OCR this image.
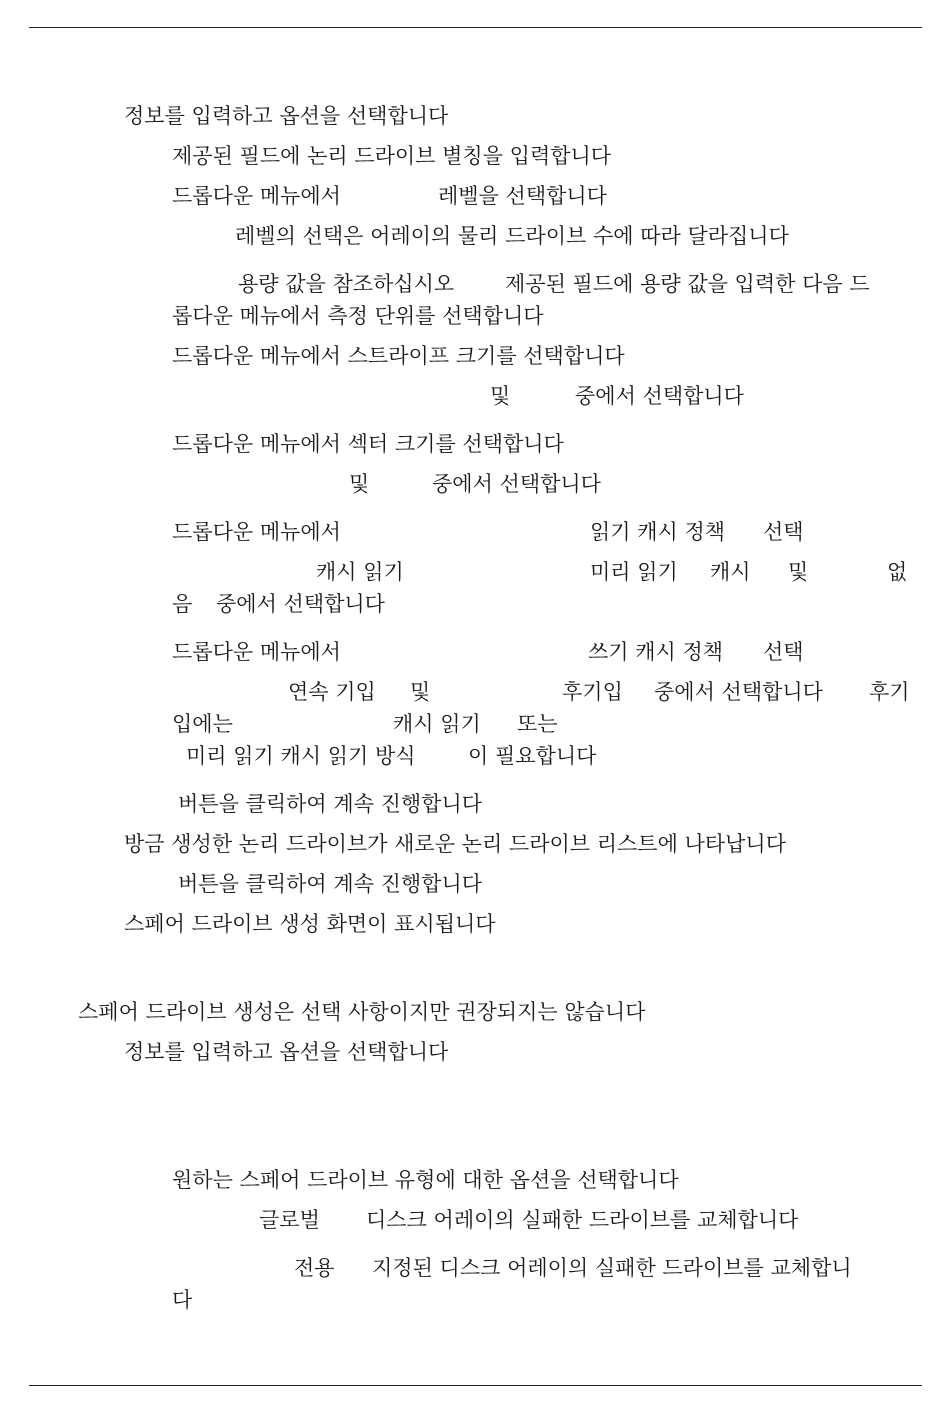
정보를 입력하고 옵션을 선택합니다
제공된 필드에 논리 드라이브 별칭을 입력합니다
드롭다운 메뉴에서	레벨을 선택합니다
레벨의 선택은 어레이의 물리 드라이브 수에 따라 달라집니다
용량 값을 참조하십시오 제공된 필드에 용량 값을 입력한 다음 드
롭다운 메뉴에서 측정 단위를 선택합니다
드롭다운 메뉴에서 스트라이프 크기를 선택합니다
및	중에서 선택합니다
드롭다운 메뉴에서 섹터 크기를 선택합니다
및	중에서 선택합니다
드롭다운 메뉴에서	읽기 캐시 정책 선택
캐시 읽기	미리 읽기 캐시 및	없
음 중에서 선택합니다
드롭다운 메뉴에서	쓰기 캐시 정책 선택
연속 기입 및	후기입 중에서 선택합니다 후기
입에는	캐시 읽기 또는
미리 읽기 캐시 읽기 방식 이 필요합니다
버튼을 클릭하여 계속 진행합니다
방금 생성한 논리 드라이브가 새로운 논리 드라이브 리스트에 나타납니다
버튼을 클릭하여 계속 진행합니다
스페어 드라이브 생성 화면이 표시됩니다
스페어 드라이브 생성은 선택 사항이지만 권장되지는 않습니다
정보를 입력하고 옵션을 선택합니다
원하는 스페어 드라이브 유형에 대한 옵션을 선택합니다
글로벌 디스크 어레이의 실패한 드라이브를 교체합니다
전용 지정된 디스크 어레이의 실패한 드라이브를 교체합니
다
